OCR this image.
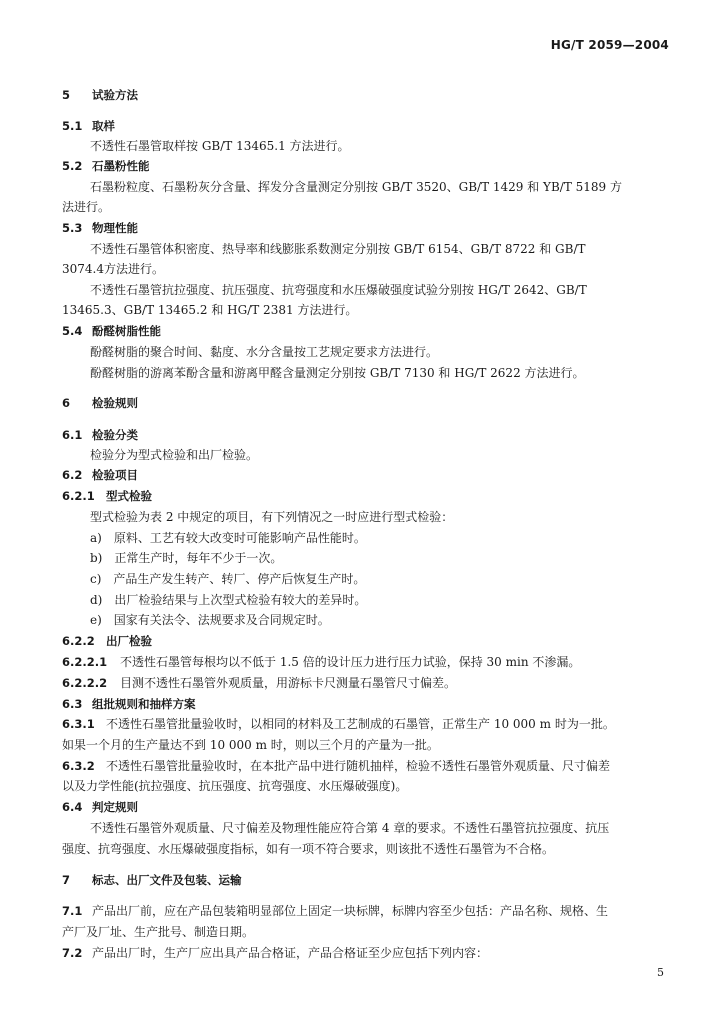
HG/T 2059—2004
5 试验方法
5.1 取样
不透性石墨管取样按 GB/T 13465.1 方法进行。
5.2 石墨粉性能
石墨粉粒度、石墨粉灰分含量、挥发分含量测定分别按 GB/T 3520、GB/T 1429 和 YB/T 5189 方
法进行。
5.3 物理性能
不透性石墨管体积密度、热导率和线膨胀系数测定分别按 GB/T 6154、GB/T 8722 和 GB/T
3074.4方法进行。
不透性石墨管抗拉强度、抗压强度、抗弯强度和水压爆破强度试验分别按 HG/T 2642、GB/T
13465.3、GB/T 13465.2 和 HG/T 2381 方法进行。
5.4 酚醛树脂性能
酚醛树脂的聚合时间、黏度、水分含量按工艺规定要求方法进行。
酚醛树脂的游离苯酚含量和游离甲醛含量测定分别按 GB/T 7130 和 HG/T 2622 方法进行。
6 检验规则
6.1 检验分类
检验分为型式检验和出厂检验。
6.2 检验项目
6.2.1 型式检验
型式检验为表 2 中规定的项目，有下列情况之一时应进行型式检验：
a)　原料、工艺有较大改变时可能影响产品性能时。
b)　正常生产时，每年不少于一次。
c)　产品生产发生转产、转厂、停产后恢复生产时。
d)　出厂检验结果与上次型式检验有较大的差异时。
e)　国家有关法令、法规要求及合同规定时。
6.2.2 出厂检验
6.2.2.1 不透性石墨管每根均以不低于 1.5 倍的设计压力进行压力试验，保持 30 min 不渗漏。
6.2.2.2 目测不透性石墨管外观质量，用游标卡尺测量石墨管尺寸偏差。
6.3 组批规则和抽样方案
6.3.1 不透性石墨管批量验收时，以相同的材料及工艺制成的石墨管，正常生产 10 000 m 时为一批。
如果一个月的生产量达不到 10 000 m 时，则以三个月的产量为一批。
6.3.2 不透性石墨管批量验收时，在本批产品中进行随机抽样，检验不透性石墨管外观质量、尺寸偏差
以及力学性能(抗拉强度、抗压强度、抗弯强度、水压爆破强度)。
6.4 判定规则
不透性石墨管外观质量、尺寸偏差及物理性能应符合第 4 章的要求。不透性石墨管抗拉强度、抗压
强度、抗弯强度、水压爆破强度指标，如有一项不符合要求，则该批不透性石墨管为不合格。
7 标志、出厂文件及包装、运输
7.1 产品出厂前，应在产品包装箱明显部位上固定一块标牌，标牌内容至少包括：产品名称、规格、生
产厂及厂址、生产批号、制造日期。
7.2 产品出厂时，生产厂应出具产品合格证，产品合格证至少应包括下列内容：
5
